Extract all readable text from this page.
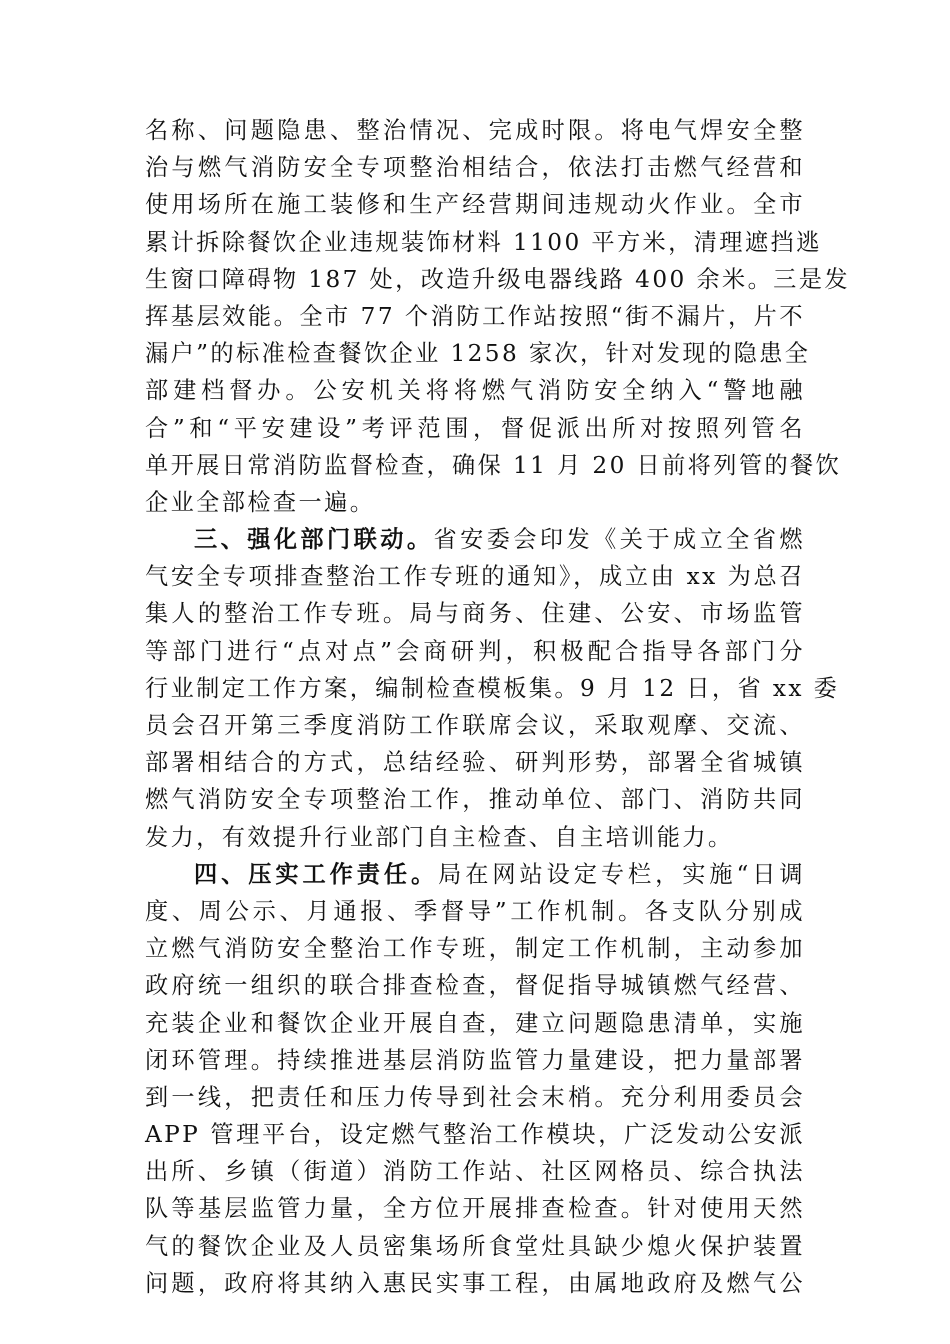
名称、问题隐患、整治情况、完成时限。将电气焊安全整
治与燃气消防安全专项整治相结合，依法打击燃气经营和
使用场所在施工装修和生产经营期间违规动火作业。全市
累计拆除餐饮企业违规装饰材料 1100 平方米，清理遮挡逃
生窗口障碍物 187 处，改造升级电器线路 400 余米。三是发
挥基层效能。全市 77 个消防工作站按照“街不漏片，片不
漏户”的标准检查餐饮企业 1258 家次，针对发现的隐患全
部建档督办。公安机关将将燃气消防安全纳入“警地融
合”和“平安建设”考评范围，督促派出所对按照列管名
单开展日常消防监督检查，确保 11 月 20 日前将列管的餐饮
企业全部检查一遍。
三、强化部门联动。省安委会印发《关于成立全省燃
气安全专项排查整治工作专班的通知》，成立由 xx 为总召
集人的整治工作专班。局与商务、住建、公安、市场监管
等部门进行“点对点”会商研判，积极配合指导各部门分
行业制定工作方案，编制检查模板集。9 月 12 日，省 xx 委
员会召开第三季度消防工作联席会议，采取观摩、交流、
部署相结合的方式，总结经验、研判形势，部署全省城镇
燃气消防安全专项整治工作，推动单位、部门、消防共同
发力，有效提升行业部门自主检查、自主培训能力。
四、压实工作责任。局在网站设定专栏，实施“日调
度、周公示、月通报、季督导”工作机制。各支队分别成
立燃气消防安全整治工作专班，制定工作机制，主动参加
政府统一组织的联合排查检查，督促指导城镇燃气经营、
充装企业和餐饮企业开展自查，建立问题隐患清单，实施
闭环管理。持续推进基层消防监管力量建设，把力量部署
到一线，把责任和压力传导到社会末梢。充分利用委员会
APP 管理平台，设定燃气整治工作模块，广泛发动公安派
出所、乡镇（街道）消防工作站、社区网格员、综合执法
队等基层监管力量，全方位开展排查检查。针对使用天然
气的餐饮企业及人员密集场所食堂灶具缺少熄火保护装置
问题，政府将其纳入惠民实事工程，由属地政府及燃气公
